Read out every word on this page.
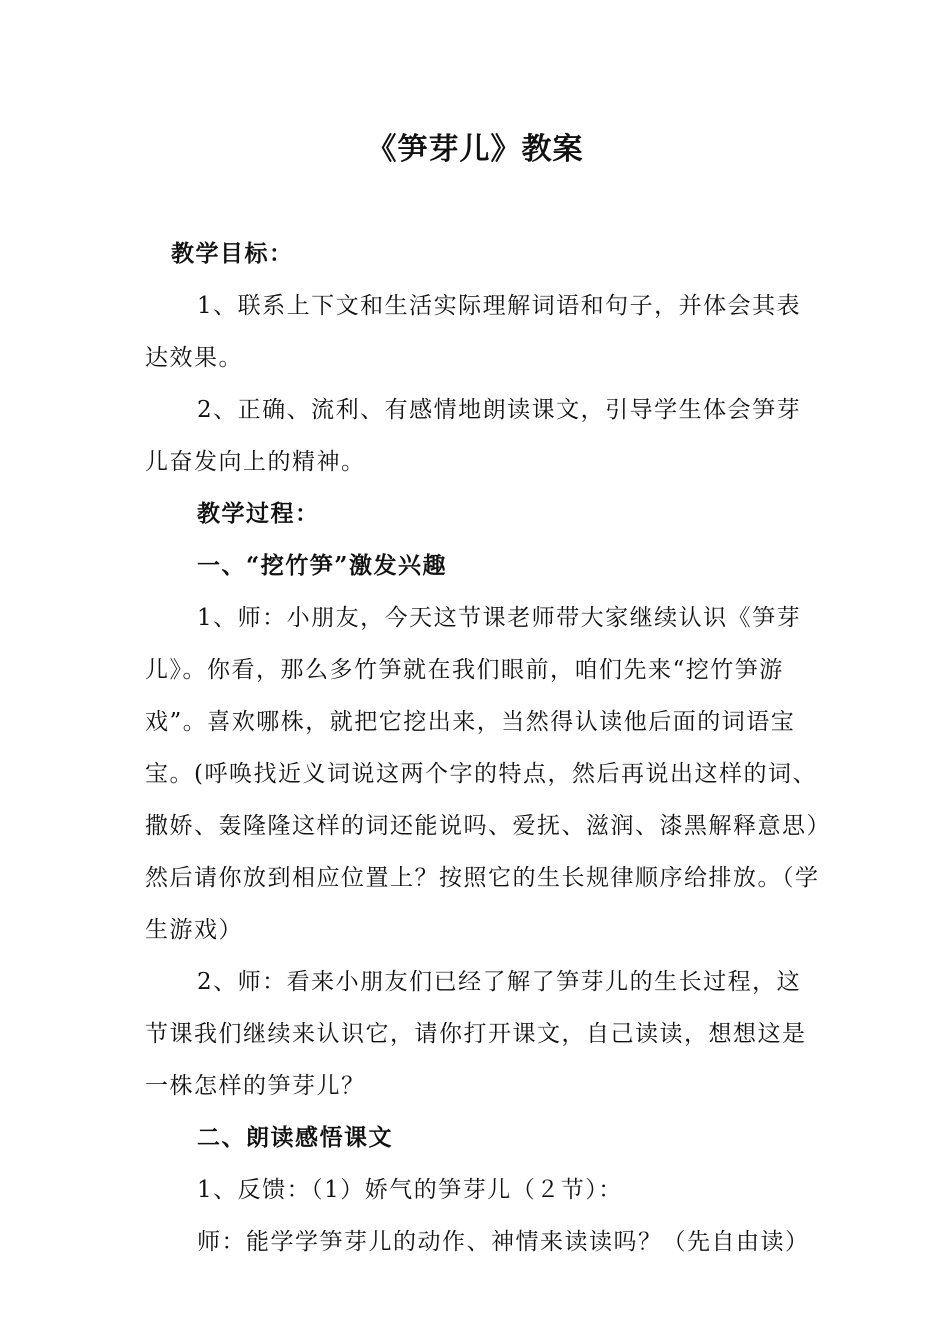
《笋芽儿》教案

教学目标：

1、联系上下文和生活实际理解词语和句子，并体会其表达效果。

2、正确、流利、有感情地朗读课文，引导学生体会笋芽儿奋发向上的精神。

教学过程：

一、“挖竹笋”激发兴趣

1、师：小朋友，今天这节课老师带大家继续认识《笋芽儿》。你看，那么多竹笋就在我们眼前，咱们先来“挖竹笋游戏”。喜欢哪株，就把它挖出来，当然得认读他后面的词语宝宝。(呼唤找近义词说这两个字的特点，然后再说出这样的词、撒娇、轰隆隆这样的词还能说吗、爱抚、滋润、漆黑解释意思）然后请你放到相应位置上？按照它的生长规律顺序给排放。（学生游戏）

2、师：看来小朋友们已经了解了笋芽儿的生长过程，这节课我们继续来认识它，请你打开课文，自己读读，想想这是一株怎样的笋芽儿？

二、朗读感悟课文

1、反馈：（1）娇气的笋芽儿（２节）：

师：能学学笋芽儿的动作、神情来读读吗？（先自由读）
